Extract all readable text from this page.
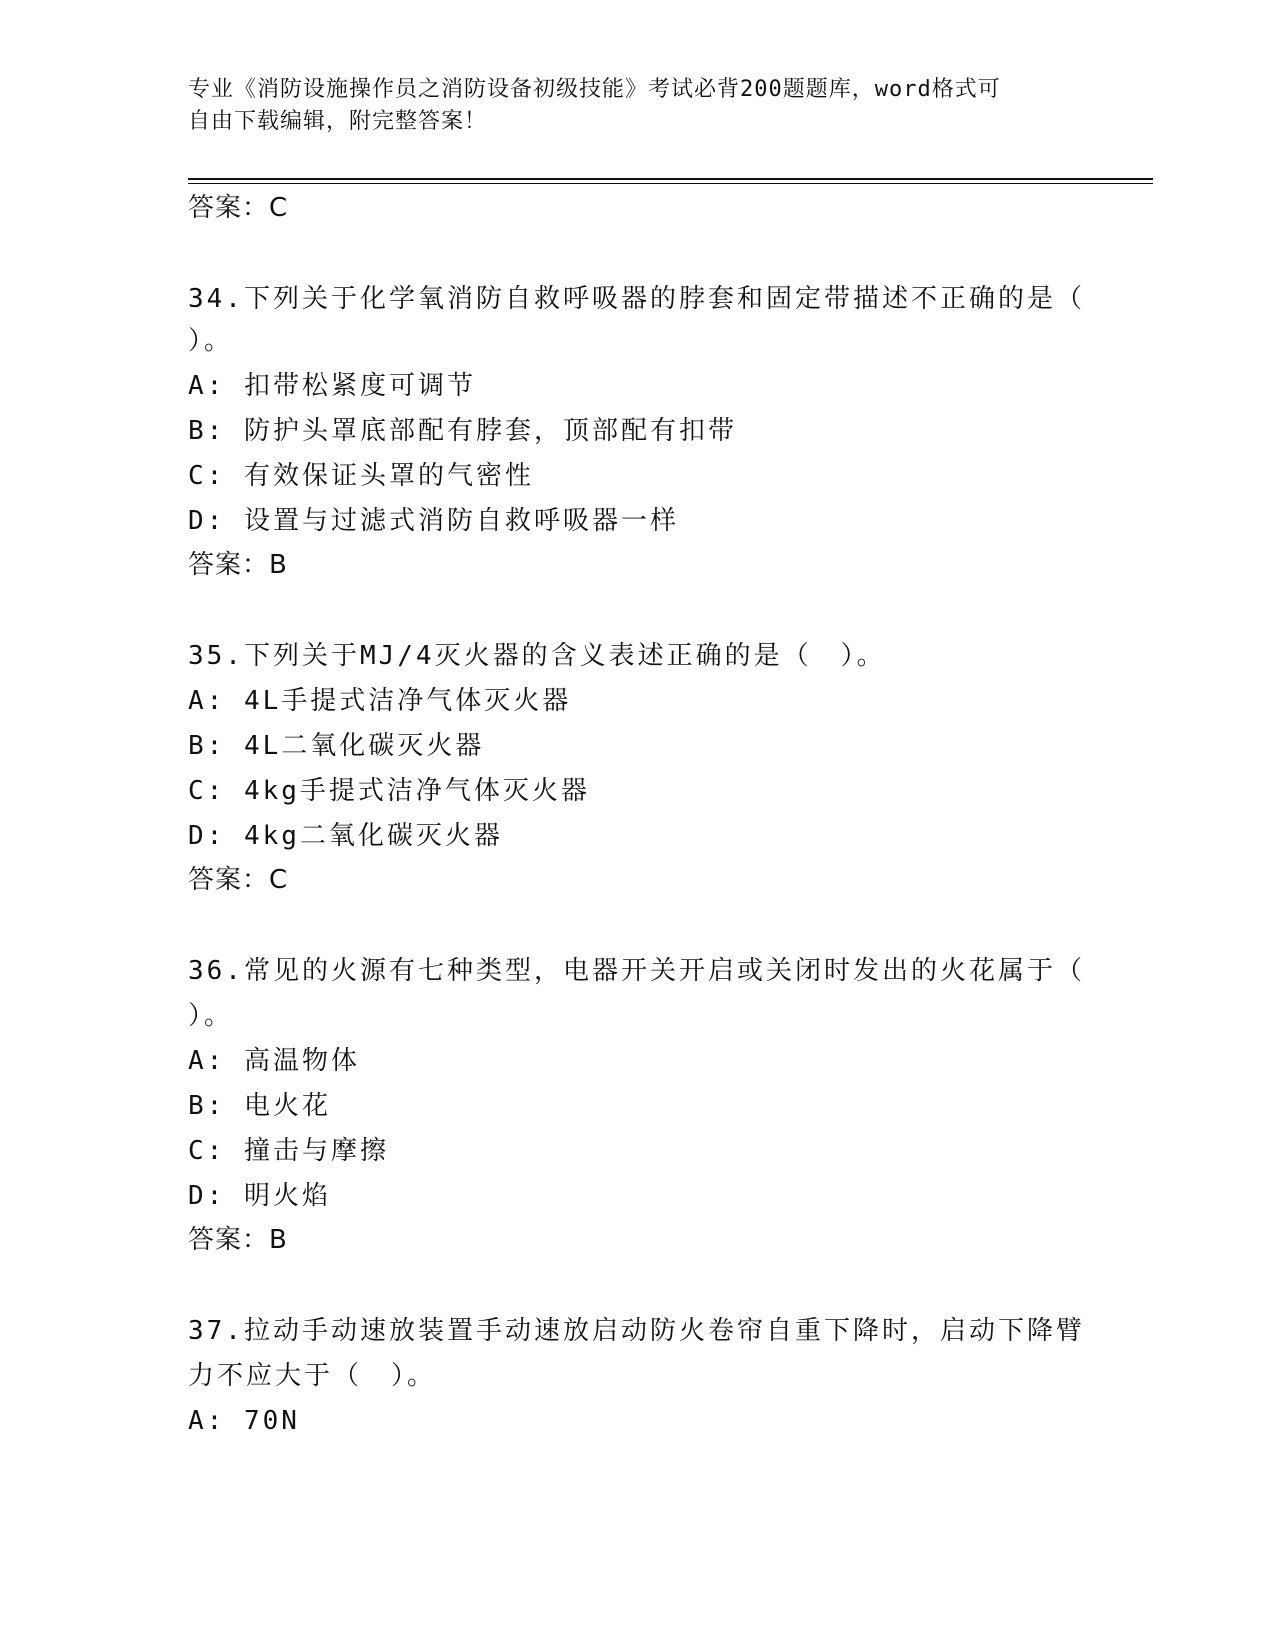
专业《消防设施操作员之消防设备初级技能》考试必背200题题库，word格式可
自由下载编辑，附完整答案！

答案：C

34.下列关于化学氧消防自救呼吸器的脖套和固定带描述不正确的是（

）。

A: 扣带松紧度可调节

B: 防护头罩底部配有脖套，顶部配有扣带

C: 有效保证头罩的气密性

D: 设置与过滤式消防自救呼吸器一样

答案：B

35.下列关于MJ/4灭火器的含义表述正确的是（　）。

A: 4L手提式洁净气体灭火器

B: 4L二氧化碳灭火器

C: 4kg手提式洁净气体灭火器

D: 4kg二氧化碳灭火器

答案：C

36.常见的火源有七种类型，电器开关开启或关闭时发出的火花属于（

）。

A: 高温物体

B: 电火花

C: 撞击与摩擦

D: 明火焰

答案：B

37.拉动手动速放装置手动速放启动防火卷帘自重下降时，启动下降臂

力不应大于（　）。

A: 70N
